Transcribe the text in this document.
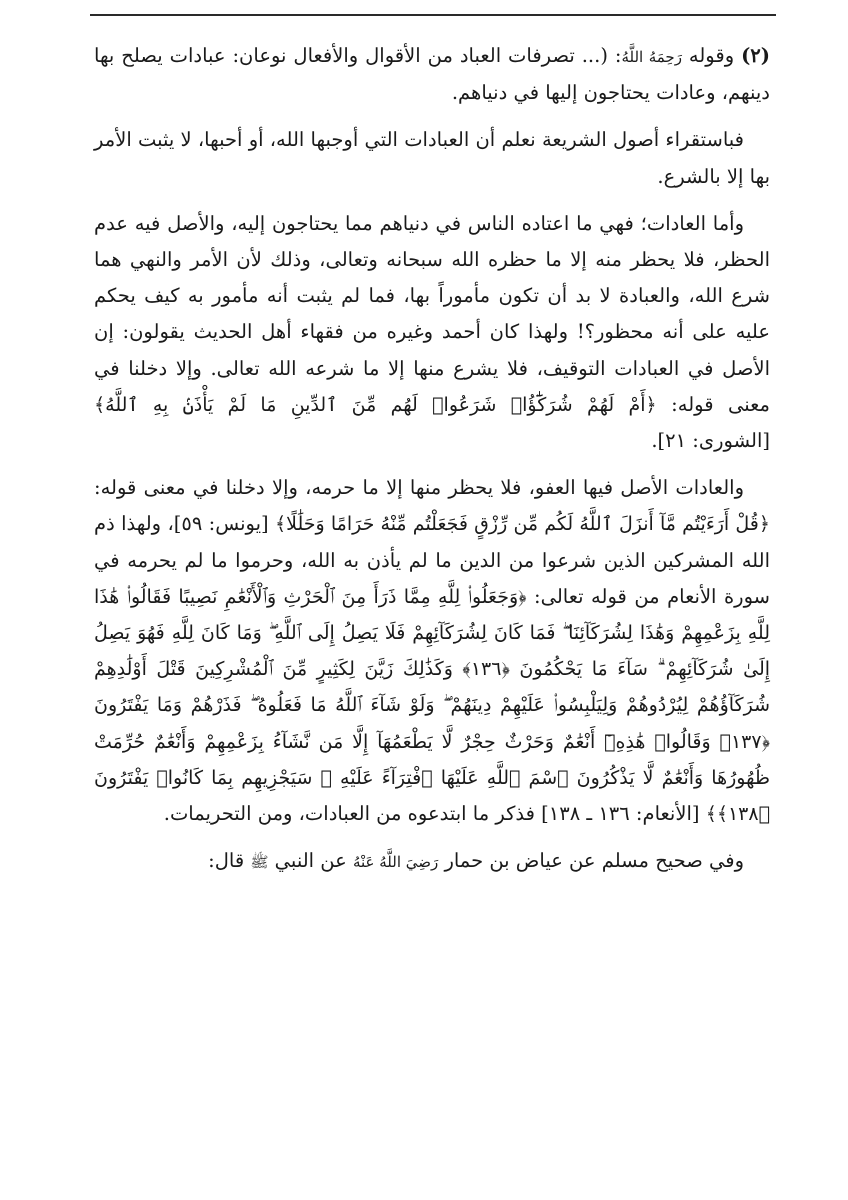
(٢) وقوله رَحِمَهُ اللَّهُ: (... تصرفات العباد من الأقوال والأفعال نوعان: عبادات يصلح بها دينهم، وعادات يحتاجون إليها في دنياهم.

فباستقراء أصول الشريعة نعلم أن العبادات التي أوجبها الله، أو أحبها، لا يثبت الأمر بها إلا بالشرع.

وأما العادات؛ فهي ما اعتاده الناس في دنياهم مما يحتاجون إليه، والأصل فيه عدم الحظر، فلا يحظر منه إلا ما حظره الله سبحانه وتعالى، وذلك لأن الأمر والنهي هما شرع الله، والعبادة لا بد أن تكون مأموراً بها، فما لم يثبت أنه مأمور به كيف يحكم عليه على أنه محظور؟! ولهذا كان أحمد وغيره من فقهاء أهل الحديث يقولون: إن الأصل في العبادات التوقيف، فلا يشرع منها إلا ما شرعه الله تعالى. وإلا دخلنا في معنى قوله: ﴿أَمْ لَهُمْ شُرَكَٰٓؤُا۟ شَرَعُوا۟ لَهُم مِّنَ ٱلدِّينِ مَا لَمْ يَأْذَنۢ بِهِ ٱللَّهُ﴾ [الشورى: ٢١].

والعادات الأصل فيها العفو، فلا يحظر منها إلا ما حرمه، وإلا دخلنا في معنى قوله: ﴿قُلْ أَرَءَيْتُم مَّآ أَنزَلَ ٱللَّهُ لَكُم مِّن رِّزْقٍ فَجَعَلْتُم مِّنْهُ حَرَامًا وَحَلَٰلًا﴾ [يونس: ٥٩]، ولهذا ذم الله المشركين الذين شرعوا من الدين ما لم يأذن به الله، وحرموا ما لم يحرمه في سورة الأنعام من قوله تعالى: ﴿وَجَعَلُوا۟ لِلَّهِ مِمَّا ذَرَأَ مِنَ ٱلْحَرْثِ وَٱلْأَنْعَٰمِ نَصِيبًا فَقَالُوا۟ هَٰذَا لِلَّهِ بِزَعْمِهِمْ وَهَٰذَا لِشُرَكَآئِنَا ۖ فَمَا كَانَ لِشُرَكَآئِهِمْ فَلَا يَصِلُ إِلَى ٱللَّهِ ۖ وَمَا كَانَ لِلَّهِ فَهُوَ يَصِلُ إِلَىٰ شُرَكَآئِهِمْ ۗ سَآءَ مَا يَحْكُمُونَ ﴿١٣٦﴾ وَكَذَٰلِكَ زَيَّنَ لِكَثِيرٍ مِّنَ ٱلْمُشْرِكِينَ قَتْلَ أَوْلَٰدِهِمْ شُرَكَآؤُهُمْ لِيُرْدُوهُمْ وَلِيَلْبِسُوا۟ عَلَيْهِمْ دِينَهُمْ ۖ وَلَوْ شَآءَ ٱللَّهُ مَا فَعَلُوهُ ۖ فَذَرْهُمْ وَمَا يَفْتَرُونَ ﴿١٣٧﴾ وَقَالُوا۟ هَٰذِهِۦٓ أَنْعَٰمٌ وَحَرْثٌ حِجْرٌ لَّا يَطْعَمُهَآ إِلَّا مَن نَّشَآءُ بِزَعْمِهِمْ وَأَنْعَٰمٌ حُرِّمَتْ ظُهُورُهَا وَأَنْعَٰمٌ لَّا يَذْكُرُونَ ٱسْمَ ٱللَّهِ عَلَيْهَا ٱفْتِرَآءً عَلَيْهِ ۚ سَيَجْزِيهِم بِمَا كَانُوا۟ يَفْتَرُونَ ﴿١٣٨﴾﴾ [الأنعام: ١٣٦ ـ ١٣٨] فذكر ما ابتدعوه من العبادات، ومن التحريمات.

وفي صحيح مسلم عن عياض بن حمار رَضِيَ اللَّهُ عَنْهُ عن النبي ﷺ قال:
